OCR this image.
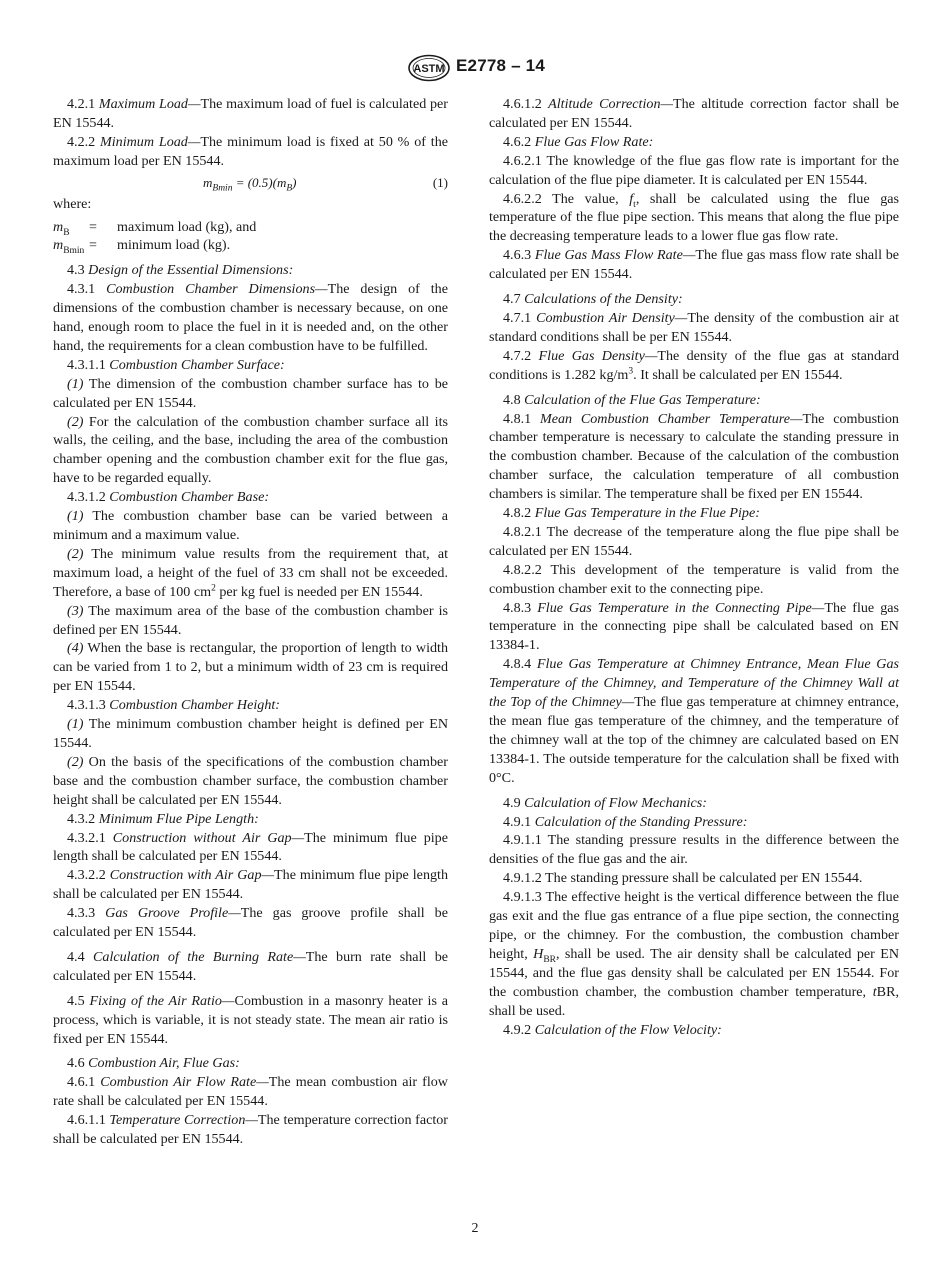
ASTM E2778 – 14

4.2.1 Maximum Load—The maximum load of fuel is calculated per EN 15544.

4.2.2 Minimum Load—The minimum load is fixed at 50 % of the maximum load per EN 15544.

$m_{Bmin} = (0.5)(m_B)$	(1)

where:

$m_B$ = maximum load (kg), and
$m_{Bmin}$ = minimum load (kg).

4.3 Design of the Essential Dimensions:

4.3.1 Combustion Chamber Dimensions—The design of the dimensions of the combustion chamber is necessary because, on one hand, enough room to place the fuel in it is needed and, on the other hand, the requirements for a clean combustion have to be fulfilled.

4.3.1.1 Combustion Chamber Surface:

(1) The dimension of the combustion chamber surface has to be calculated per EN 15544.

(2) For the calculation of the combustion chamber surface all its walls, the ceiling, and the base, including the area of the combustion chamber opening and the combustion chamber exit for the flue gas, have to be regarded equally.

4.3.1.2 Combustion Chamber Base:

(1) The combustion chamber base can be varied between a minimum and a maximum value.

(2) The minimum value results from the requirement that, at maximum load, a height of the fuel of 33 cm shall not be exceeded. Therefore, a base of 100 $cm^2$ per kg fuel is needed per EN 15544.

(3) The maximum area of the base of the combustion chamber is defined per EN 15544.

(4) When the base is rectangular, the proportion of length to width can be varied from 1 to 2, but a minimum width of 23 cm is required per EN 15544.

4.3.1.3 Combustion Chamber Height:

(1) The minimum combustion chamber height is defined per EN 15544.

(2) On the basis of the specifications of the combustion chamber base and the combustion chamber surface, the combustion chamber height shall be calculated per EN 15544.

4.3.2 Minimum Flue Pipe Length:

4.3.2.1 Construction without Air Gap—The minimum flue pipe length shall be calculated per EN 15544.

4.3.2.2 Construction with Air Gap—The minimum flue pipe length shall be calculated per EN 15544.

4.3.3 Gas Groove Profile—The gas groove profile shall be calculated per EN 15544.

4.4 Calculation of the Burning Rate—The burn rate shall be calculated per EN 15544.

4.5 Fixing of the Air Ratio—Combustion in a masonry heater is a process, which is variable, it is not steady state. The mean air ratio is fixed per EN 15544.

4.6 Combustion Air, Flue Gas:

4.6.1 Combustion Air Flow Rate—The mean combustion air flow rate shall be calculated per EN 15544.

4.6.1.1 Temperature Correction—The temperature correction factor shall be calculated per EN 15544.

4.6.1.2 Altitude Correction—The altitude correction factor shall be calculated per EN 15544.

4.6.2 Flue Gas Flow Rate:

4.6.2.1 The knowledge of the flue gas flow rate is important for the calculation of the flue pipe diameter. It is calculated per EN 15544.

4.6.2.2 The value, $f_t$, shall be calculated using the flue gas temperature of the flue pipe section. This means that along the flue pipe the decreasing temperature leads to a lower flue gas flow rate.

4.6.3 Flue Gas Mass Flow Rate—The flue gas mass flow rate shall be calculated per EN 15544.

4.7 Calculations of the Density:

4.7.1 Combustion Air Density—The density of the combustion air at standard conditions shall be per EN 15544.

4.7.2 Flue Gas Density—The density of the flue gas at standard conditions is 1.282 $kg/m^3$. It shall be calculated per EN 15544.

4.8 Calculation of the Flue Gas Temperature:

4.8.1 Mean Combustion Chamber Temperature—The combustion chamber temperature is necessary to calculate the standing pressure in the combustion chamber. Because of the calculation of the combustion chamber surface, the calculation temperature of all combustion chambers is similar. The temperature shall be fixed per EN 15544.

4.8.2 Flue Gas Temperature in the Flue Pipe:

4.8.2.1 The decrease of the temperature along the flue pipe shall be calculated per EN 15544.

4.8.2.2 This development of the temperature is valid from the combustion chamber exit to the connecting pipe.

4.8.3 Flue Gas Temperature in the Connecting Pipe—The flue gas temperature in the connecting pipe shall be calculated based on EN 13384-1.

4.8.4 Flue Gas Temperature at Chimney Entrance, Mean Flue Gas Temperature of the Chimney, and Temperature of the Chimney Wall at the Top of the Chimney—The flue gas temperature at chimney entrance, the mean flue gas temperature of the chimney, and the temperature of the chimney wall at the top of the chimney are calculated based on EN 13384-1. The outside temperature for the calculation shall be fixed with 0°C.

4.9 Calculation of Flow Mechanics:

4.9.1 Calculation of the Standing Pressure:

4.9.1.1 The standing pressure results in the difference between the densities of the flue gas and the air.

4.9.1.2 The standing pressure shall be calculated per EN 15544.

4.9.1.3 The effective height is the vertical difference between the flue gas exit and the flue gas entrance of a flue pipe section, the connecting pipe, or the chimney. For the combustion, the combustion chamber height, $H_{BR}$, shall be used. The air density shall be calculated per EN 15544, and the flue gas density shall be calculated per EN 15544. For the combustion chamber, the combustion chamber temperature, tBR, shall be used.

4.9.2 Calculation of the Flow Velocity:

2
